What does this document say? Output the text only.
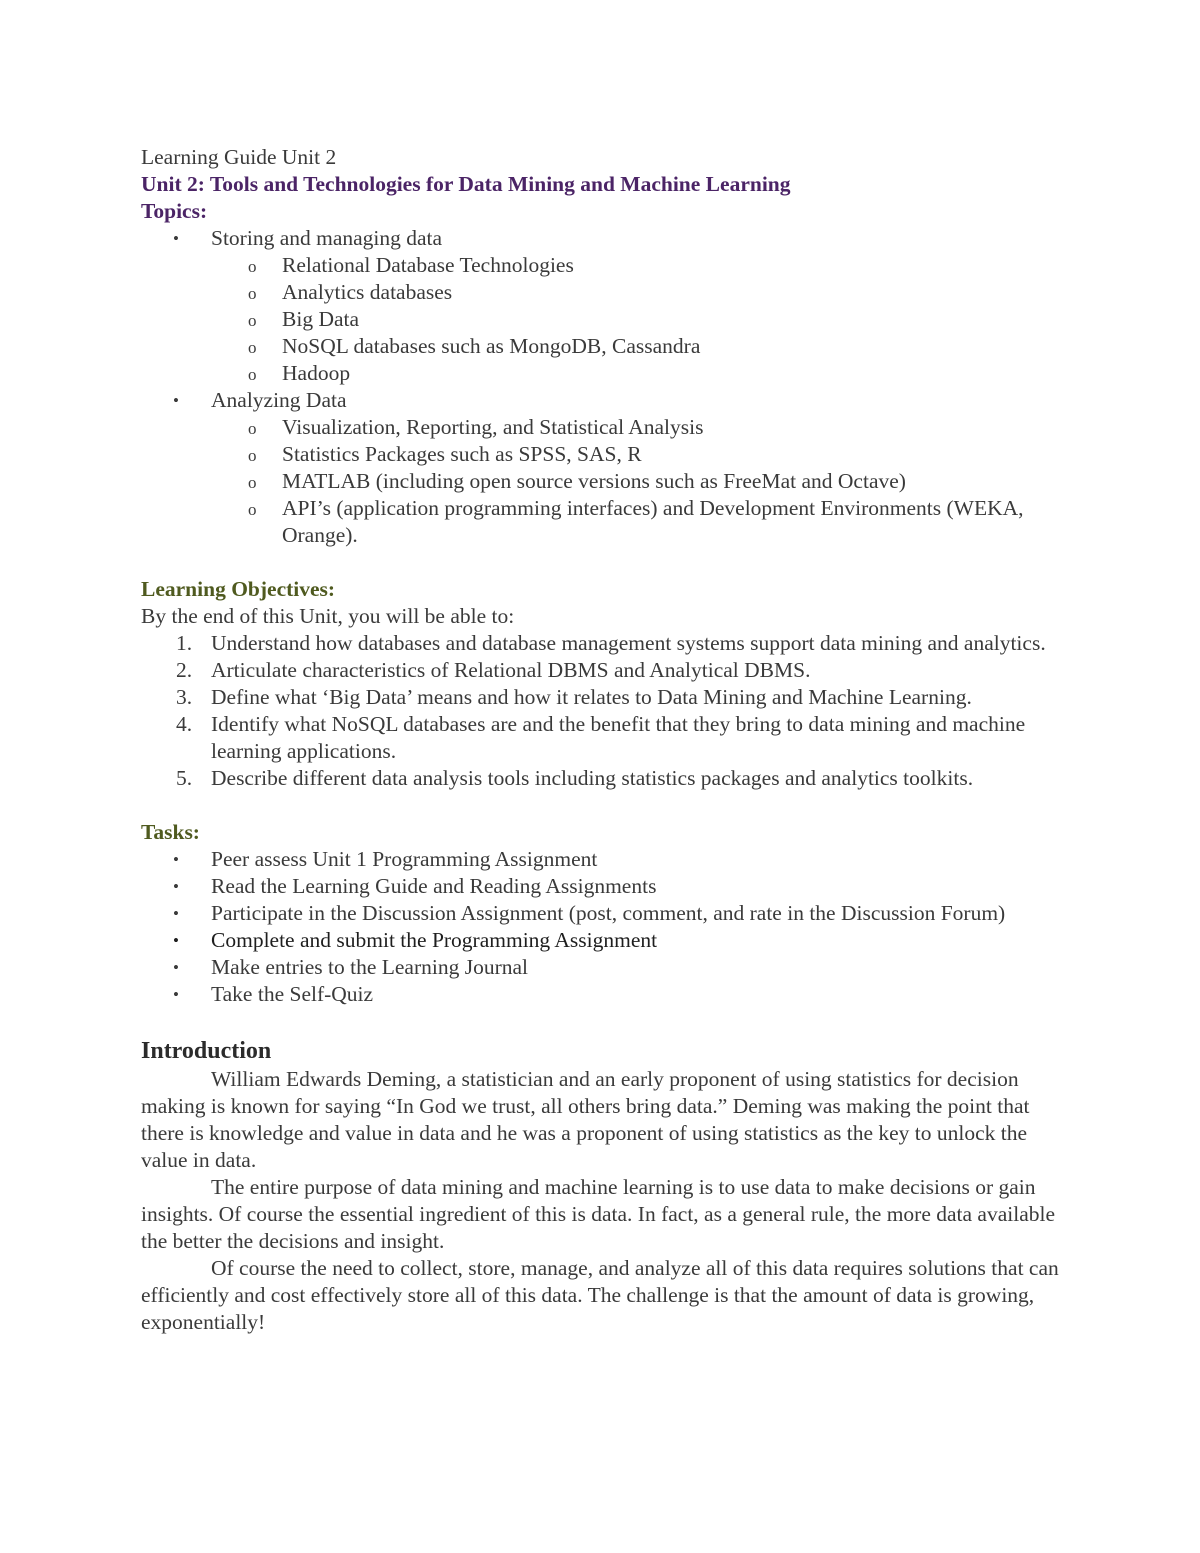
Learning Guide Unit 2
Unit 2: Tools and Technologies for Data Mining and Machine Learning
Topics:
• Storing and managing data
o Relational Database Technologies
o Analytics databases
o Big Data
o NoSQL databases such as MongoDB, Cassandra
o Hadoop
• Analyzing Data
o Visualization, Reporting, and Statistical Analysis
o Statistics Packages such as SPSS, SAS, R
o MATLAB (including open source versions such as FreeMat and Octave)
o API’s (application programming interfaces) and Development Environments (WEKA, Orange).
Learning Objectives:
By the end of this Unit, you will be able to:
1. Understand how databases and database management systems support data mining and analytics.
2. Articulate characteristics of Relational DBMS and Analytical DBMS.
3. Define what ‘Big Data’ means and how it relates to Data Mining and Machine Learning.
4. Identify what NoSQL databases are and the benefit that they bring to data mining and machine learning applications.
5. Describe different data analysis tools including statistics packages and analytics toolkits.
Tasks:
• Peer assess Unit 1 Programming Assignment
• Read the Learning Guide and Reading Assignments
• Participate in the Discussion Assignment (post, comment, and rate in the Discussion Forum)
• Complete and submit the Programming Assignment
• Make entries to the Learning Journal
• Take the Self-Quiz
Introduction

William Edwards Deming, a statistician and an early proponent of using statistics for decision making is known for saying “In God we trust, all others bring data.” Deming was making the point that there is knowledge and value in data and he was a proponent of using statistics as the key to unlock the value in data.

The entire purpose of data mining and machine learning is to use data to make decisions or gain insights. Of course the essential ingredient of this is data. In fact, as a general rule, the more data available the better the decisions and insight.

Of course the need to collect, store, manage, and analyze all of this data requires solutions that can efficiently and cost effectively store all of this data. The challenge is that the amount of data is growing, exponentially!
